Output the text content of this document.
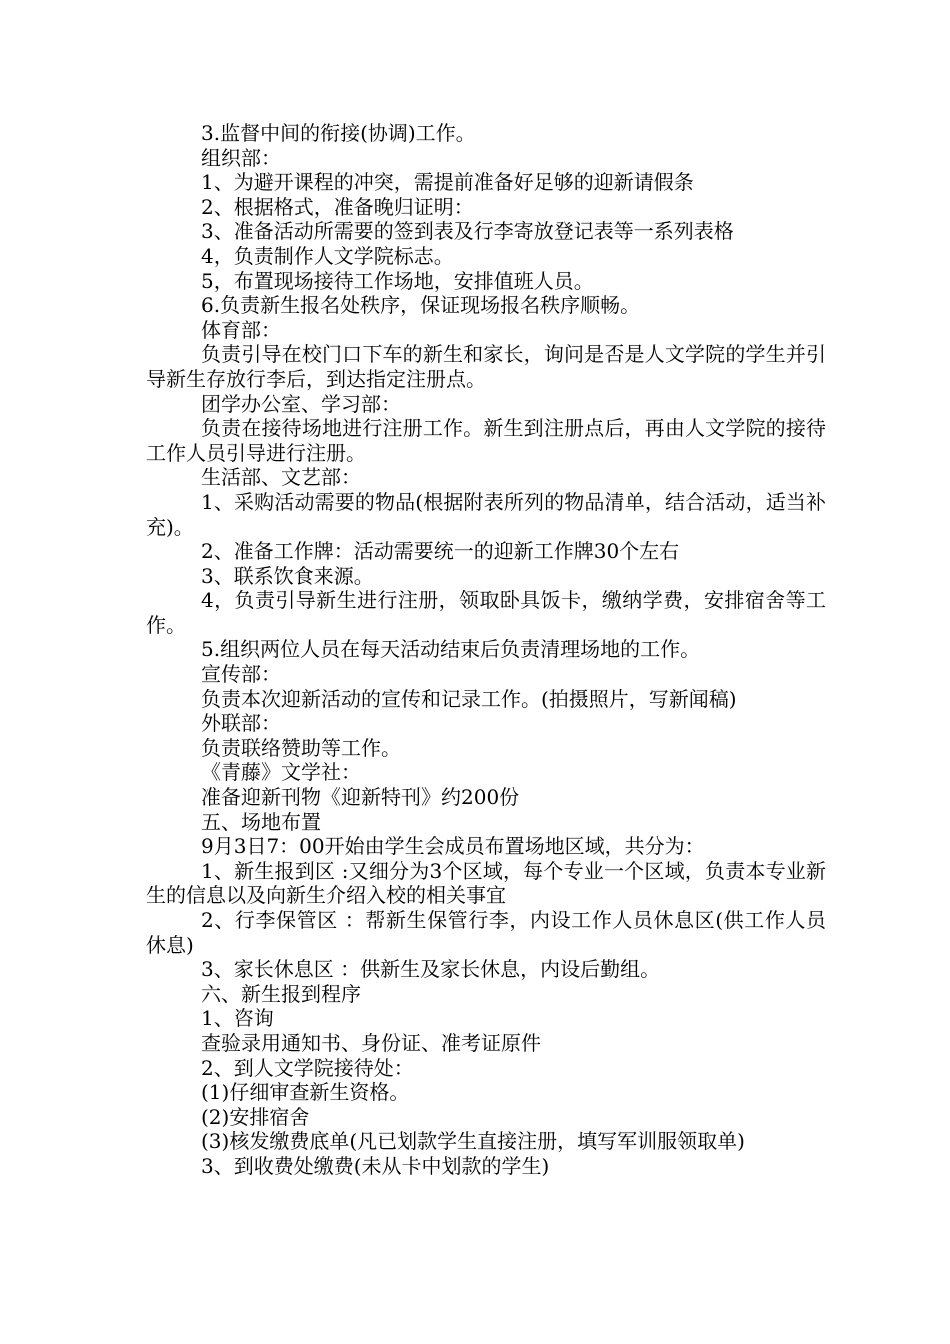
3.监督中间的衔接(协调)工作。

组织部：

1、为避开课程的冲突，需提前准备好足够的迎新请假条

2、根据格式，准备晚归证明：

3、准备活动所需要的签到表及行李寄放登记表等一系列表格

4，负责制作人文学院标志。

5，布置现场接待工作场地，安排值班人员。

6.负责新生报名处秩序，保证现场报名秩序顺畅。

体育部：

负责引导在校门口下车的新生和家长，询问是否是人文学院的学生并引导新生存放行李后，到达指定注册点。

团学办公室、学习部：

负责在接待场地进行注册工作。新生到注册点后，再由人文学院的接待工作人员引导进行注册。

生活部、文艺部：

1、采购活动需要的物品(根据附表所列的物品清单，结合活动，适当补充)。

2、准备工作牌：活动需要统一的迎新工作牌30个左右

3、联系饮食来源。

4，负责引导新生进行注册，领取卧具饭卡，缴纳学费，安排宿舍等工作。

5.组织两位人员在每天活动结束后负责清理场地的工作。

宣传部：

负责本次迎新活动的宣传和记录工作。(拍摄照片，写新闻稿)

外联部：

负责联络赞助等工作。

《青藤》文学社：

准备迎新刊物《迎新特刊》约200份

五、场地布置

9月3日7：00开始由学生会成员布置场地区域，共分为：

1、新生报到区 :又细分为3个区域，每个专业一个区域，负责本专业新生的信息以及向新生介绍入校的相关事宜

2、行李保管区 ：帮新生保管行李，内设工作人员休息区(供工作人员休息)

3、家长休息区 ：供新生及家长休息，内设后勤组。

六、新生报到程序

1、咨询

查验录用通知书、身份证、准考证原件

2、到人文学院接待处：

(1)仔细审查新生资格。

(2)安排宿舍

(3)核发缴费底单(凡已划款学生直接注册，填写军训服领取单)

3、到收费处缴费(未从卡中划款的学生)
